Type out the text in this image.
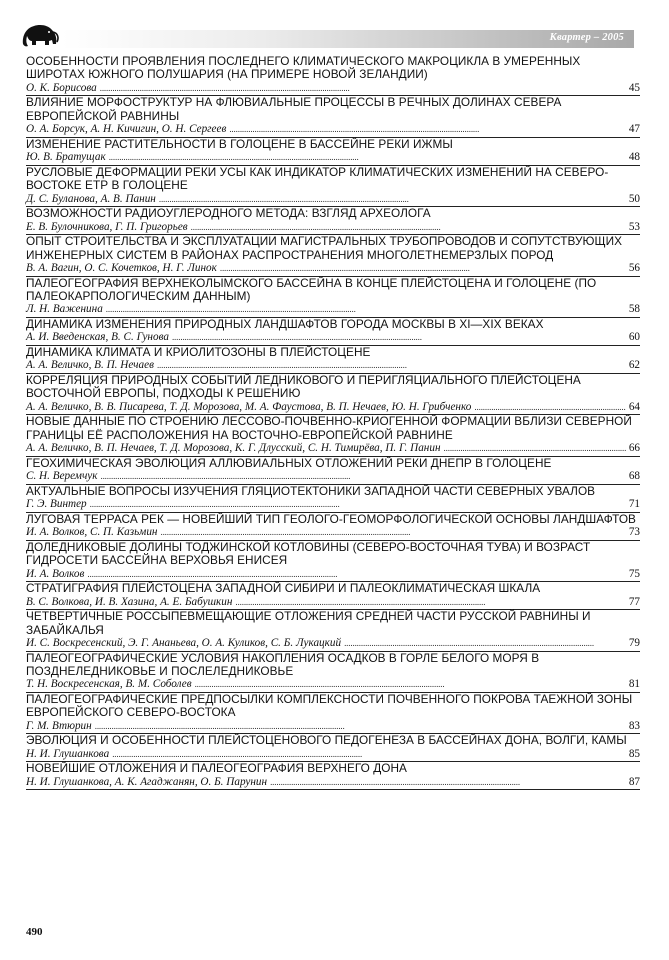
Квартер – 2005
ОСОБЕННОСТИ ПРОЯВЛЕНИЯ ПОСЛЕДНЕГО КЛИМАТИЧЕСКОГО МАКРОЦИКЛА В УМЕРЕННЫХ ШИРОТАХ ЮЖНОГО ПОЛУШАРИЯ (НА ПРИМЕРЕ НОВОЙ ЗЕЛАНДИИ)
О. К. Борисова . . .	45
ВЛИЯНИЕ МОРФОСТРУКТУР НА ФЛЮВИАЛЬНЫЕ ПРОЦЕССЫ В РЕЧНЫХ ДОЛИНАХ СЕВЕРА ЕВРОПЕЙСКОЙ РАВНИНЫ
О. А. Борсук, А. Н. Кичигин, О. Н. Сергеев . . .	47
ИЗМЕНЕНИЕ РАСТИТЕЛЬНОСТИ В ГОЛОЦЕНЕ В БАССЕЙНЕ РЕКИ ИЖМЫ
Ю. В. Братущак . . .	48
РУСЛОВЫЕ ДЕФОРМАЦИИ РЕКИ УСЫ КАК ИНДИКАТОР КЛИМАТИЧЕСКИХ ИЗМЕНЕНИЙ НА СЕВЕРО-ВОСТОКЕ ЕТР В ГОЛОЦЕНЕ
Д. С. Буланова, А. В. Панин . . .	50
ВОЗМОЖНОСТИ РАДИОУГЛЕРОДНОГО МЕТОДА: ВЗГЛЯД АРХЕОЛОГА
Е. В. Булочникова, Г. П. Григорьев . . .	53
ОПЫТ СТРОИТЕЛЬСТВА И ЭКСПЛУАТАЦИИ МАГИСТРАЛЬНЫХ ТРУБОПРОВОДОВ И СОПУТСТВУЮЩИХ ИНЖЕНЕРНЫХ СИСТЕМ В РАЙОНАХ РАСПРОСТРАНЕНИЯ МНОГОЛЕТНЕМЕРЗЛЫХ ПОРОД
В. А. Вагин, О. С. Кочетков, Н. Г. Линок . . .	56
ПАЛЕОГЕОГРАФИЯ ВЕРХНЕКОЛЫМСКОГО БАССЕЙНА В КОНЦЕ ПЛЕЙСТОЦЕНА И ГОЛОЦЕНЕ (ПО ПАЛЕОКАРПОЛОГИЧЕСКИМ ДАННЫМ)
Л. Н. Важенина . . .	58
ДИНАМИКА ИЗМЕНЕНИЯ ПРИРОДНЫХ ЛАНДШАФТОВ ГОРОДА МОСКВЫ В XI—XIX ВЕКАХ
А. И. Введенская, В. С. Гунова . . .	60
ДИНАМИКА КЛИМАТА И КРИОЛИТОЗОНЫ В ПЛЕЙСТОЦЕНЕ
А. А. Величко, В. П. Нечаев . . .	62
КОРРЕЛЯЦИЯ ПРИРОДНЫХ СОБЫТИЙ ЛЕДНИКОВОГО И ПЕРИГЛЯЦИАЛЬНОГО ПЛЕЙСТОЦЕНА ВОСТОЧНОЙ ЕВРОПЫ, ПОДХОДЫ К РЕШЕНИЮ
А. А. Величко, В. В. Писарева, Т. Д. Морозова, М. А. Фаустова, В. П. Нечаев, Ю. Н. Грибченко . . .	64
НОВЫЕ ДАННЫЕ ПО СТРОЕНИЮ ЛЕССОВО-ПОЧВЕННО-КРИОГЕННОЙ ФОРМАЦИИ ВБЛИЗИ СЕВЕРНОЙ ГРАНИЦЫ ЕЁ РАСПОЛОЖЕНИЯ НА ВОСТОЧНО-ЕВРОПЕЙСКОЙ РАВНИНЕ
А. А. Величко, В. П. Нечаев, Т. Д. Морозова, К. Г. Длусский, С. Н. Тимирёва, П. Г. Панин . . .	66
ГЕОХИМИЧЕСКАЯ ЭВОЛЮЦИЯ АЛЛЮВИАЛЬНЫХ ОТЛОЖЕНИЙ РЕКИ ДНЕПР В ГОЛОЦЕНЕ
С. Н. Веремчук . . .	68
АКТУАЛЬНЫЕ ВОПРОСЫ ИЗУЧЕНИЯ ГЛЯЦИОТЕКТОНИКИ ЗАПАДНОЙ ЧАСТИ СЕВЕРНЫХ УВАЛОВ
Г. Э. Винтер . . .	71
ЛУГОВАЯ ТЕРРАСА РЕК — НОВЕЙШИЙ ТИП ГЕОЛОГО-ГЕОМОРФОЛОГИЧЕСКОЙ ОСНОВЫ ЛАНДШАФТОВ
И. А. Волков, С. П. Казьмин . . .	73
ДОЛЕДНИКОВЫЕ ДОЛИНЫ ТОДЖИНСКОЙ КОТЛОВИНЫ (СЕВЕРО-ВОСТОЧНАЯ ТУВА) И ВОЗРАСТ ГИДРОСЕТИ БАССЕЙНА ВЕРХОВЬЯ ЕНИСЕЯ
И. А. Волков . . .	75
СТРАТИГРАФИЯ ПЛЕЙСТОЦЕНА ЗАПАДНОЙ СИБИРИ И ПАЛЕОКЛИМАТИЧЕСКАЯ ШКАЛА
В. С. Волкова, И. В. Хазина, А. Е. Бабушкин . . .	77
ЧЕТВЕРТИЧНЫЕ РОССЫПЕВМЕЩАЮЩИЕ ОТЛОЖЕНИЯ СРЕДНЕЙ ЧАСТИ РУССКОЙ РАВНИНЫ И ЗАБАЙКАЛЬЯ
И. С. Воскресенский, Э. Г. Ананьева, О. А. Куликов, С. Б. Лукацкий . . .	79
ПАЛЕОГЕОГРАФИЧЕСКИЕ УСЛОВИЯ НАКОПЛЕНИЯ ОСАДКОВ В ГОРЛЕ БЕЛОГО МОРЯ В ПОЗДНЕЛЕДНИКОВЬЕ И ПОСЛЕЛЕДНИКОВЬЕ
Т. Н. Воскресенская, В. М. Соболев . . .	81
ПАЛЕОГЕОГРАФИЧЕСКИЕ ПРЕДПОСЫЛКИ КОМПЛЕКСНОСТИ ПОЧВЕННОГО ПОКРОВА ТАЕЖНОЙ ЗОНЫ ЕВРОПЕЙСКОГО СЕВЕРО-ВОСТОКА
Г. М. Втюрин . . .	83
ЭВОЛЮЦИЯ И ОСОБЕННОСТИ ПЛЕЙСТОЦЕНОВОГО ПЕДОГЕНЕЗА В БАССЕЙНАХ ДОНА, ВОЛГИ, КАМЫ
Н. И. Глушанкова . . .	85
НОВЕЙШИЕ ОТЛОЖЕНИЯ И ПАЛЕОГЕОГРАФИЯ ВЕРХНЕГО ДОНА
Н. И. Глушанкова, А. К. Агаджанян, О. Б. Парунин . . .	87
490
